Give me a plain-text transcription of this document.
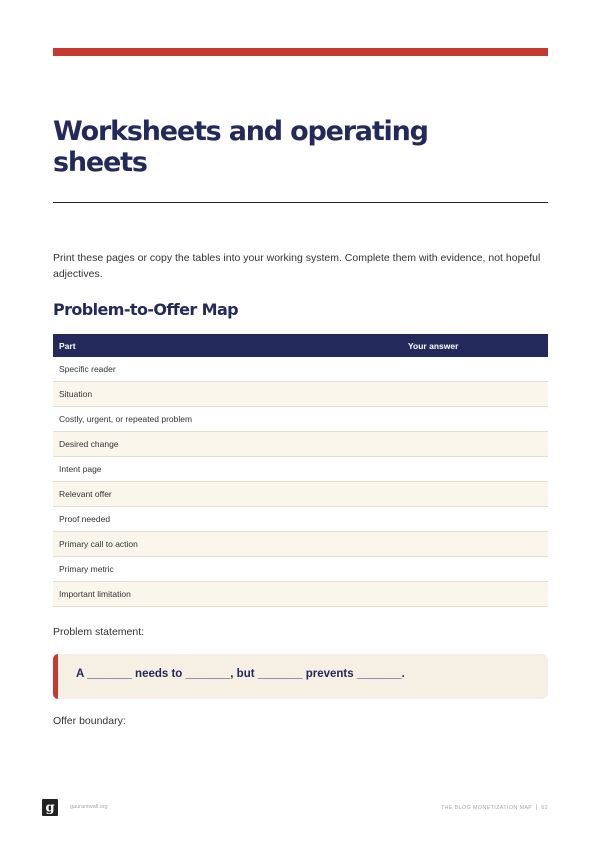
Worksheets and operating
sheets

Print these pages or copy the tables into your working system. Complete them with evidence, not hopeful adjectives.

Problem-to-Offer Map
Part	Your answer
Specific reader	
Situation	
Costly, urgent, or repeated problem	
Desired change	
Intent page	
Relevant offer	
Proof needed	
Primary call to action	
Primary metric	
Important limitation	

Problem statement:

A _______ needs to _______, but _______ prevents _______.

Offer boundary:

g	gaurantwall.org	THE BLOG MONETIZATION MAP 62
